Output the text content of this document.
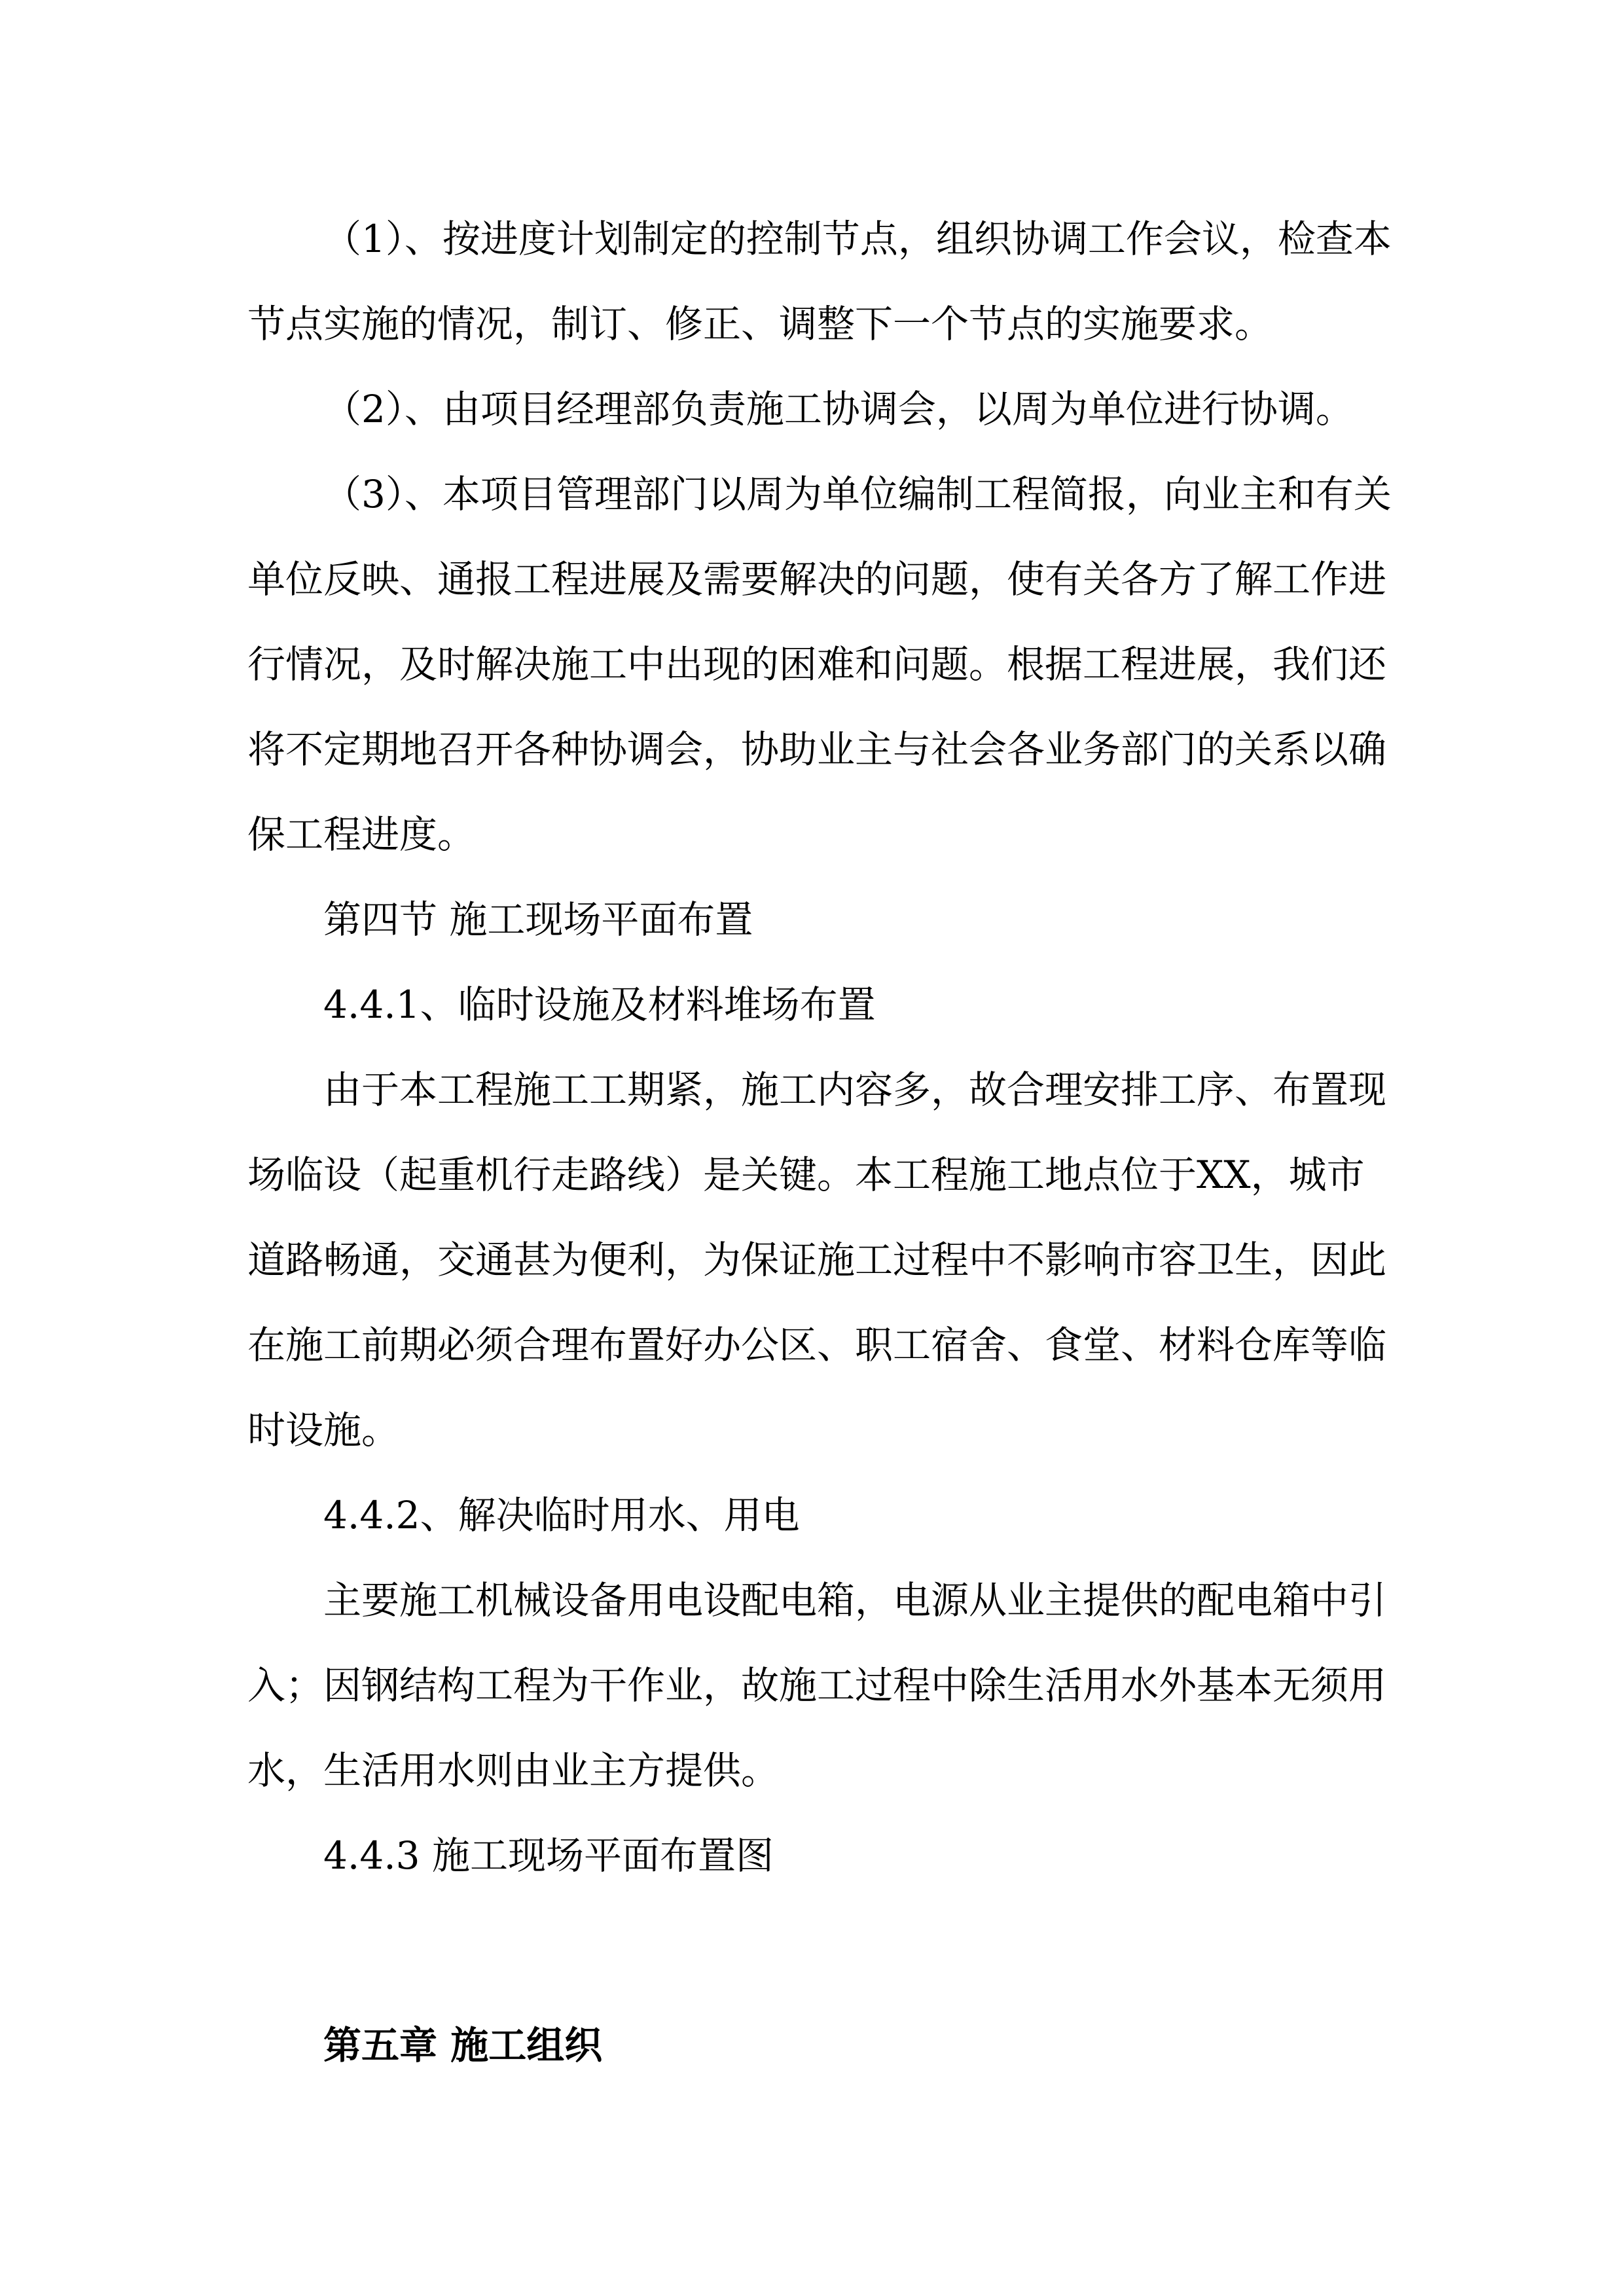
（1）、按进度计划制定的控制节点，组织协调工作会议，检查本

节点实施的情况，制订、修正、调整下一个节点的实施要求。

（2）、由项目经理部负责施工协调会，以周为单位进行协调。

（3）、本项目管理部门以周为单位编制工程简报，向业主和有关

单位反映、通报工程进展及需要解决的问题，使有关各方了解工作进

行情况，及时解决施工中出现的困难和问题。根据工程进展，我们还

将不定期地召开各种协调会，协助业主与社会各业务部门的关系以确

保工程进度。

第四节 施工现场平面布置

4.4.1、临时设施及材料堆场布置

由于本工程施工工期紧，施工内容多，故合理安排工序、布置现

场临设（起重机行走路线）是关键。本工程施工地点位于XX，城市

道路畅通，交通甚为便利，为保证施工过程中不影响市容卫生，因此

在施工前期必须合理布置好办公区、职工宿舍、食堂、材料仓库等临

时设施。

4.4.2、解决临时用水、用电

主要施工机械设备用电设配电箱，电源从业主提供的配电箱中引

入；因钢结构工程为干作业，故施工过程中除生活用水外基本无须用

水，生活用水则由业主方提供。

4.4.3 施工现场平面布置图

第五章 施工组织
